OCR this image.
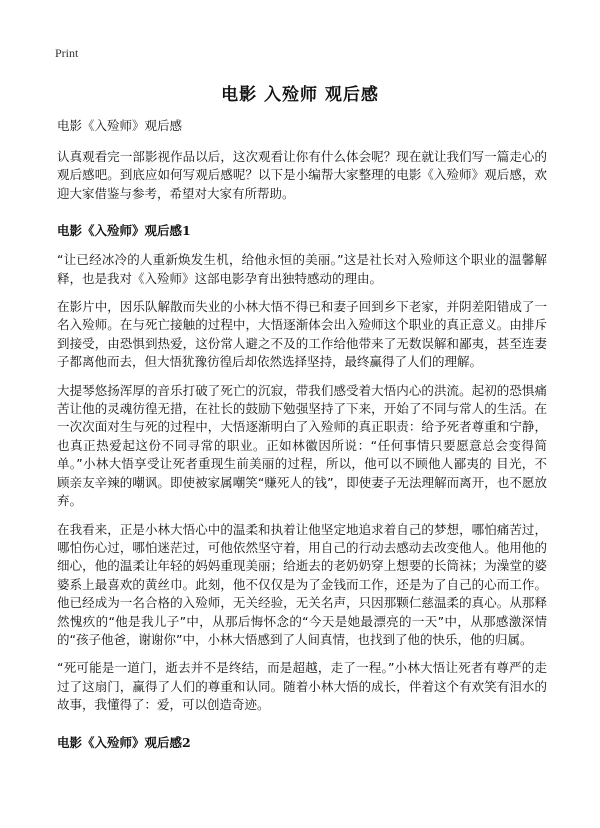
Print
电影 入殓师 观后感
电影《入殓师》观后感

认真观看完一部影视作品以后，这次观看让你有什么体会呢？现在就让我们写一篇走心的观后感吧。到底应如何写观后感呢？以下是小编帮大家整理的电影《入殓师》观后感，欢迎大家借鉴与参考，希望对大家有所帮助。

电影《入殓师》观后感1

“让已经冰冷的人重新焕发生机，给他永恒的美丽。”这是社长对入殓师这个职业的温馨解释，也是我对《入殓师》这部电影孕育出独特感动的理由。

在影片中，因乐队解散而失业的小林大悟不得已和妻子回到乡下老家，并阴差阳错成了一名入殓师。在与死亡接触的过程中，大悟逐渐体会出入殓师这个职业的真正意义。由排斥到接受，由恐惧到热爱，这份常人避之不及的工作给他带来了无数误解和鄙夷，甚至连妻子都离他而去，但大悟犹豫彷徨后却依然选择坚持，最终赢得了人们的理解。

大提琴悠扬浑厚的音乐打破了死亡的沉寂，带我们感受着大悟内心的洪流。起初的恐惧痛苦让他的灵魂彷徨无措，在社长的鼓励下勉强坚持了下来，开始了不同与常人的生活。在一次次面对生与死的过程中，大悟逐渐明白了入殓师的真正职责：给予死者尊重和宁静，也真正热爱起这份不同寻常的职业。正如林徽因所说：“任何事情只要愿意总会变得简单。”小林大悟享受让死者重现生前美丽的过程，所以，他可以不顾他人鄙夷的 目光，不顾亲友辛辣的嘲讽。即使被家属嘲笑“赚死人的钱”，即使妻子无法理解而离开，也不愿放弃。

在我看来，正是小林大悟心中的温柔和执着让他坚定地追求着自己的梦想，哪怕痛苦过，哪怕伤心过，哪怕迷茫过，可他依然坚守着，用自己的行动去感动去改变他人。他用他的细心，他的温柔让年轻的妈妈重现美丽；给逝去的老奶奶穿上想要的长筒袜；为澡堂的婆婆系上最喜欢的黄丝巾。此刻，他不仅仅是为了金钱而工作，还是为了自己的心而工作。他已经成为一名合格的入殓师，无关经验，无关名声，只因那颗仁慈温柔的真心。从那释然愧疚的“他是我儿子”中，从那后悔怀念的“今天是她最漂亮的一天”中，从那感激深情的“孩子他爸，谢谢你”中，小林大悟感到了人间真情，也找到了他的快乐，他的归属。

“死可能是一道门，逝去并不是终结，而是超越，走了一程。”小林大悟让死者有尊严的走过了这扇门，赢得了人们的尊重和认同。随着小林大悟的成长，伴着这个有欢笑有泪水的故事，我懂得了：爱，可以创造奇迹。

电影《入殓师》观后感2
